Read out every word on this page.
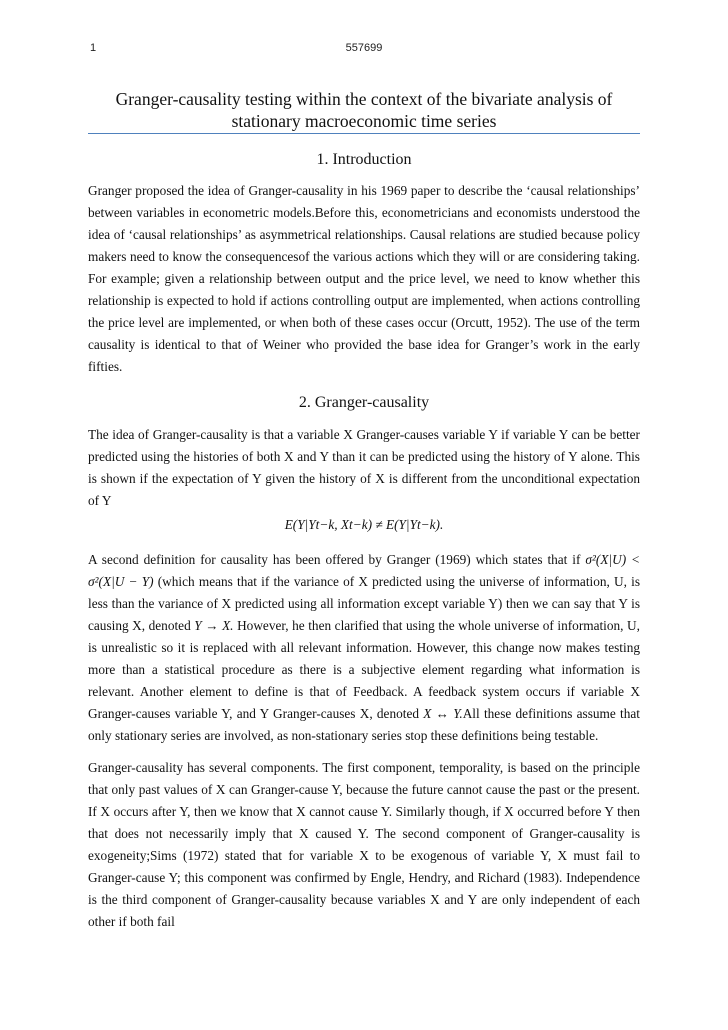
1	557699
Granger-causality testing within the context of the bivariate analysis of
stationary macroeconomic time series
1. Introduction

Granger proposed the idea of Granger-causality in his 1969 paper to describe the ‘causal relationships’ between variables in econometric models.Before this, econometricians and economists understood the idea of ‘causal relationships’ as asymmetrical relationships. Causal relations are studied because policy makers need to know the consequencesof the various actions which they will or are considering taking. For example; given a relationship between output and the price level, we need to know whether this relationship is expected to hold if actions controlling output are implemented, when actions controlling the price level are implemented, or when both of these cases occur (Orcutt, 1952). The use of the term causality is identical to that of Weiner who provided the base idea for Granger’s work in the early fifties.

2. Granger-causality

The idea of Granger-causality is that a variable X Granger-causes variable Y if variable Y can be better predicted using the histories of both X and Y than it can be predicted using the history of Y alone. This is shown if the expectation of Y given the history of X is different from the unconditional expectation of Y

E(Y|Yt−k, Xt−k) ≠ E(Y|Yt−k).

A second definition for causality has been offered by Granger (1969) which states that if σ²(X|U) < σ²(X|U − Y) (which means that if the variance of X predicted using the universe of information, U, is less than the variance of X predicted using all information except variable Y) then we can say that Y is causing X, denoted Y → X. However, he then clarified that using the whole universe of information, U, is unrealistic so it is replaced with all relevant information. However, this change now makes testing more than a statistical procedure as there is a subjective element regarding what information is relevant. Another element to define is that of Feedback. A feedback system occurs if variable X Granger-causes variable Y, and Y Granger-causes X, denoted X ↔ Y.All these definitions assume that only stationary series are involved, as non-stationary series stop these definitions being testable.

Granger-causality has several components. The first component, temporality, is based on the principle that only past values of X can Granger-cause Y, because the future cannot cause the past or the present. If X occurs after Y, then we know that X cannot cause Y. Similarly though, if X occurred before Y then that does not necessarily imply that X caused Y. The second component of Granger-causality is exogeneity;Sims (1972) stated that for variable X to be exogenous of variable Y, X must fail to Granger-cause Y; this component was confirmed by Engle, Hendry, and Richard (1983). Independence is the third component of Granger-causality because variables X and Y are only independent of each other if both fail
